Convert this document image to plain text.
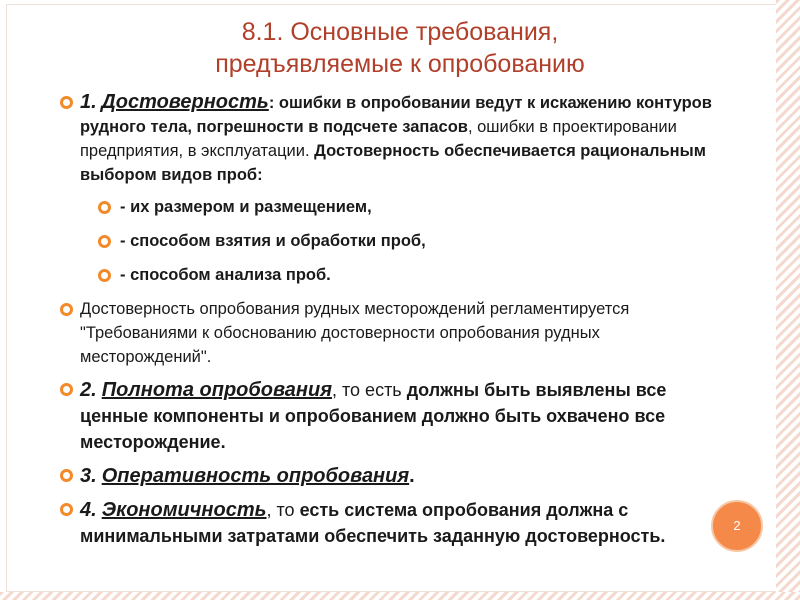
8.1. Основные требования,
предъявляемые к опробованию
1. Достоверность: ошибки в опробовании ведут к искажению контуров рудного тела, погрешности в подсчете запасов, ошибки в проектировании предприятия, в эксплуатации. Достоверность обеспечивается рациональным выбором видов проб:
- их размером и размещением,
- способом взятия и обработки проб,
- способом анализа проб.
Достоверность опробования рудных месторождений регламентируется "Требованиями к обоснованию достоверности опробования рудных месторождений".
2. Полнота опробования, то есть должны быть выявлены все ценные компоненты и опробованием должно быть охвачено все месторождение.
3. Оперативность опробования.
4. Экономичность, то есть система опробования должна с минимальными затратами обеспечить заданную достоверность.
2
